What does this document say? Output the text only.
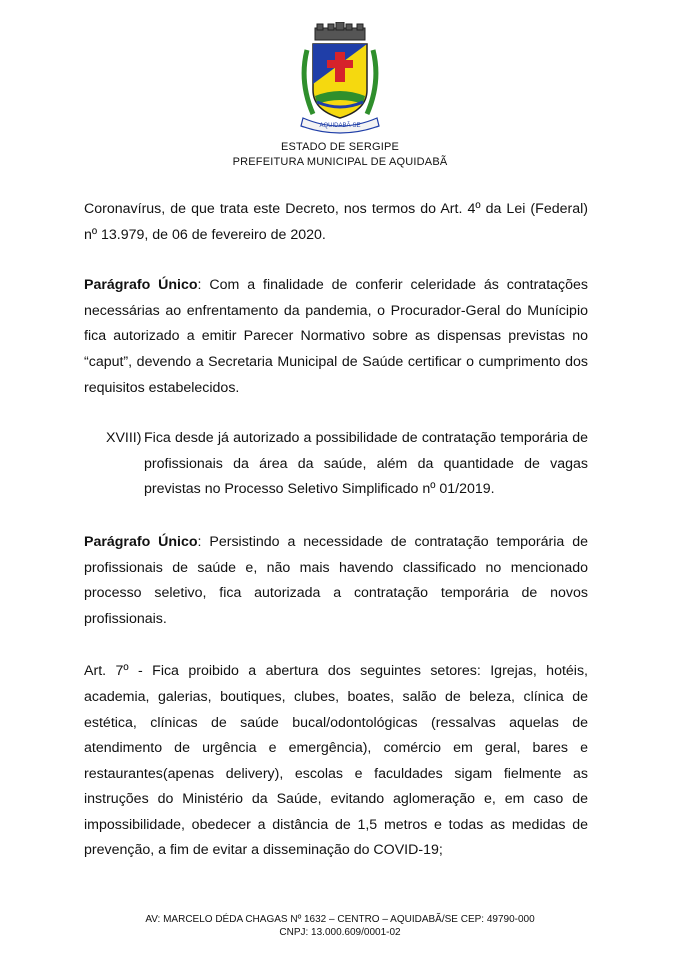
AQUIDABÃ-SE
ESTADO DE SERGIPE
PREFEITURA MUNICIPAL DE AQUIDABÃ

Coronavírus, de que trata este Decreto, nos termos do Art. 4º da Lei (Federal) nº 13.979, de 06 de fevereiro de 2020.

Parágrafo Único: Com a finalidade de conferir celeridade ás contratações necessárias ao enfrentamento da pandemia, o Procurador-Geral do Munícipio fica autorizado a emitir Parecer Normativo sobre as dispensas previstas no “caput”, devendo a Secretaria Municipal de Saúde certificar o cumprimento dos requisitos estabelecidos.

XVIII) Fica desde já autorizado a possibilidade de contratação temporária de profissionais da área da saúde, além da quantidade de vagas previstas no Processo Seletivo Simplificado nº 01/2019.

Parágrafo Único: Persistindo a necessidade de contratação temporária de profissionais de saúde e, não mais havendo classificado no mencionado processo seletivo, fica autorizada a contratação temporária de novos profissionais.

Art. 7º - Fica proibido a abertura dos seguintes setores: Igrejas, hotéis, academia, galerias, boutiques, clubes, boates, salão de beleza, clínica de estética, clínicas de saúde bucal/odontológicas (ressalvas aquelas de atendimento de urgência e emergência), comércio em geral, bares e restaurantes(apenas delivery), escolas e faculdades sigam fielmente as instruções do Ministério da Saúde, evitando aglomeração e, em caso de impossibilidade, obedecer a distância de 1,5 metros e todas as medidas de prevenção, a fim de evitar a disseminação do COVID-19;

AV: MARCELO DÉDA CHAGAS Nº 1632 – CENTRO – AQUIDABÃ/SE CEP: 49790-000
CNPJ: 13.000.609/0001-02
